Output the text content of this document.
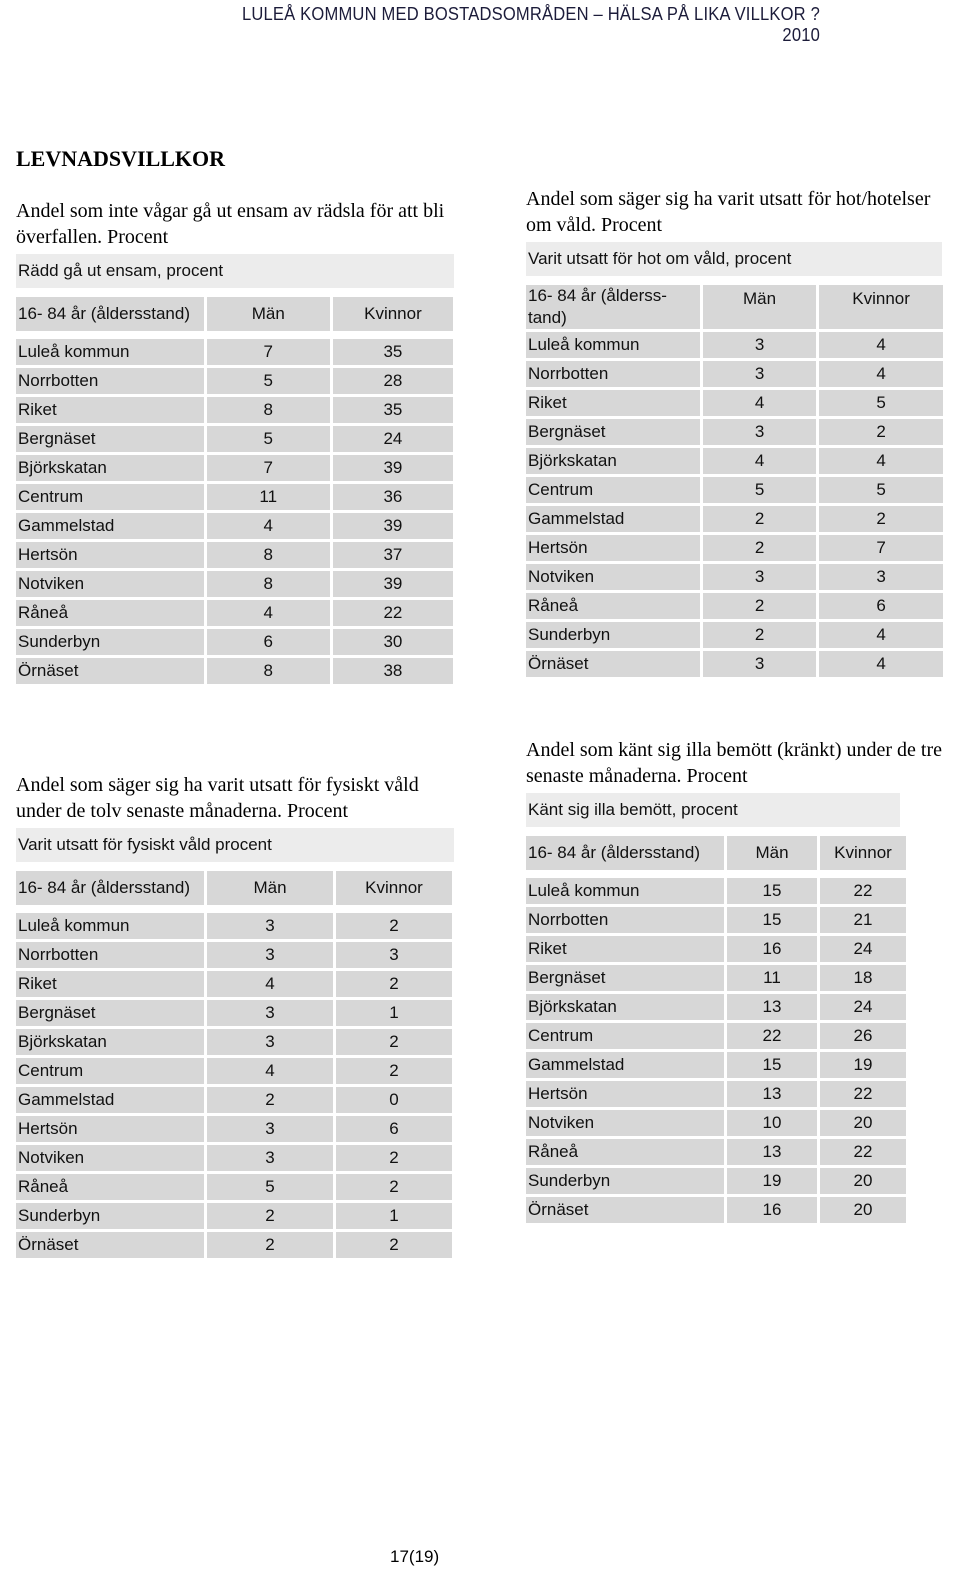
LULEÅ KOMMUN MED BOSTADSOMRÅDEN – HÄLSA PÅ LIKA VILLKOR ? 2010
LEVNADSVILLKOR

Andel som inte vågar gå ut ensam av rädsla för att bli överfallen. Procent

Rädd gå ut ensam, procent
16- 84 år (åldersstand)	Män	Kvinnor

Luleå kommun	7	35
Norrbotten	5	28
Riket	8	35
Bergnäset	5	24
Björkskatan	7	39
Centrum	11	36
Gammelstad	4	39
Hertsön	8	37
Notviken	8	39
Råneå	4	22
Sunderbyn	6	30
Örnäset	8	38

Andel som säger sig ha varit utsatt för hot/hotelser om våld. Procent

Varit utsatt för hot om våld, procent
16- 84 år (ålderss-tand)	Män	Kvinnor
Luleå kommun	3	4
Norrbotten	3	4
Riket	4	5
Bergnäset	3	2
Björkskatan	4	4
Centrum	5	5
Gammelstad	2	2
Hertsön	2	7
Notviken	3	3
Råneå	2	6
Sunderbyn	2	4
Örnäset	3	4

Andel som säger sig ha varit utsatt för fysiskt våld under de tolv senaste månaderna. Procent

Varit utsatt för fysiskt våld procent
16- 84 år (åldersstand)	Män	Kvinnor

Luleå kommun	3	2
Norrbotten	3	3
Riket	4	2
Bergnäset	3	1
Björkskatan	3	2
Centrum	4	2
Gammelstad	2	0
Hertsön	3	6
Notviken	3	2
Råneå	5	2
Sunderbyn	2	1
Örnäset	2	2

Andel som känt sig illa bemött (kränkt) under de tre senaste månaderna. Procent

Känt sig illa bemött, procent
16- 84 år (åldersstand)	Män	Kvinnor

Luleå kommun	15	22
Norrbotten	15	21
Riket	16	24
Bergnäset	11	18
Björkskatan	13	24
Centrum	22	26
Gammelstad	15	19
Hertsön	13	22
Notviken	10	20
Råneå	13	22
Sunderbyn	19	20
Örnäset	16	20
17(19)
